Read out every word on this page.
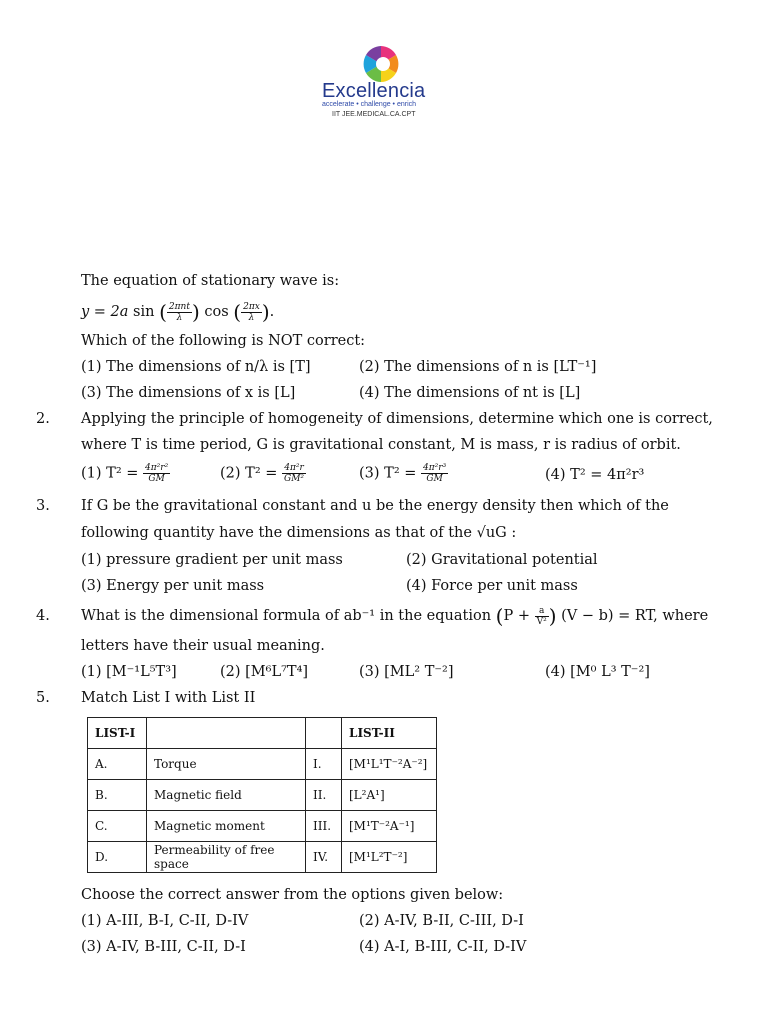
Excellencia
accelerate • challenge • enrich
IIT JEE.MEDICAL.CA.CPT
The equation of stationary wave is:
y = 2a sin ( $\frac{\text{2πnt}}{\lambda}$ ) cos ( $\frac{2\pi x}{\lambda}$ ).
Which of the following is NOT correct:
(1) The dimensions of n/λ is [T]	(2) The dimensions of n is [LT⁻¹]
(3) The dimensions of x is [L]	(4) The dimensions of nt is [L]
2. Applying the principle of homogeneity of dimensions, determine which one is correct,
where T is time period, G is gravitational constant, M is mass, r is radius of orbit.
(1) $T^2 = \frac{\text{4π²r²}}{GM}$	(2) $T^2 = \frac{\text{4π²r}}{\text{GM²}}$	(3) $T^2 = \frac{\text{4π²r³}}{GM}$	(4) T² = 4π²r³
3. If G be the gravitational constant and u be the energy density then which of the
following quantity have the dimensions as that of the √uG :
(1) pressure gradient per unit mass	(2) Gravitational potential
(3) Energy per unit mass	(4) Force per unit mass
4. What is the dimensional formula of ab⁻¹ in the equation ($P + \frac{a}{\text{V²}}$ ) (V − b) = RT, where
letters have their usual meaning.
(1) [M⁻¹L⁵T³]	(2) [M⁶L⁷T⁴]	(3) [ML² T⁻²]	(4) [M⁰ L³ T⁻²]
5. Match List I with List II
LIST-I			LIST-II
A.	Torque	I.	[M¹L¹T⁻²A⁻²]
B.	Magnetic field	II.	[L²A¹]
C.	Magnetic moment	III.	[M¹T⁻²A⁻¹]
D.	Permeability of free space	IV.	[M¹L²T⁻²]
Choose the correct answer from the options given below:
(1) A-III, B-I, C-II, D-IV	(2) A-IV, B-II, C-III, D-I
(3) A-IV, B-III, C-II, D-I	(4) A-I, B-III, C-II, D-IV
